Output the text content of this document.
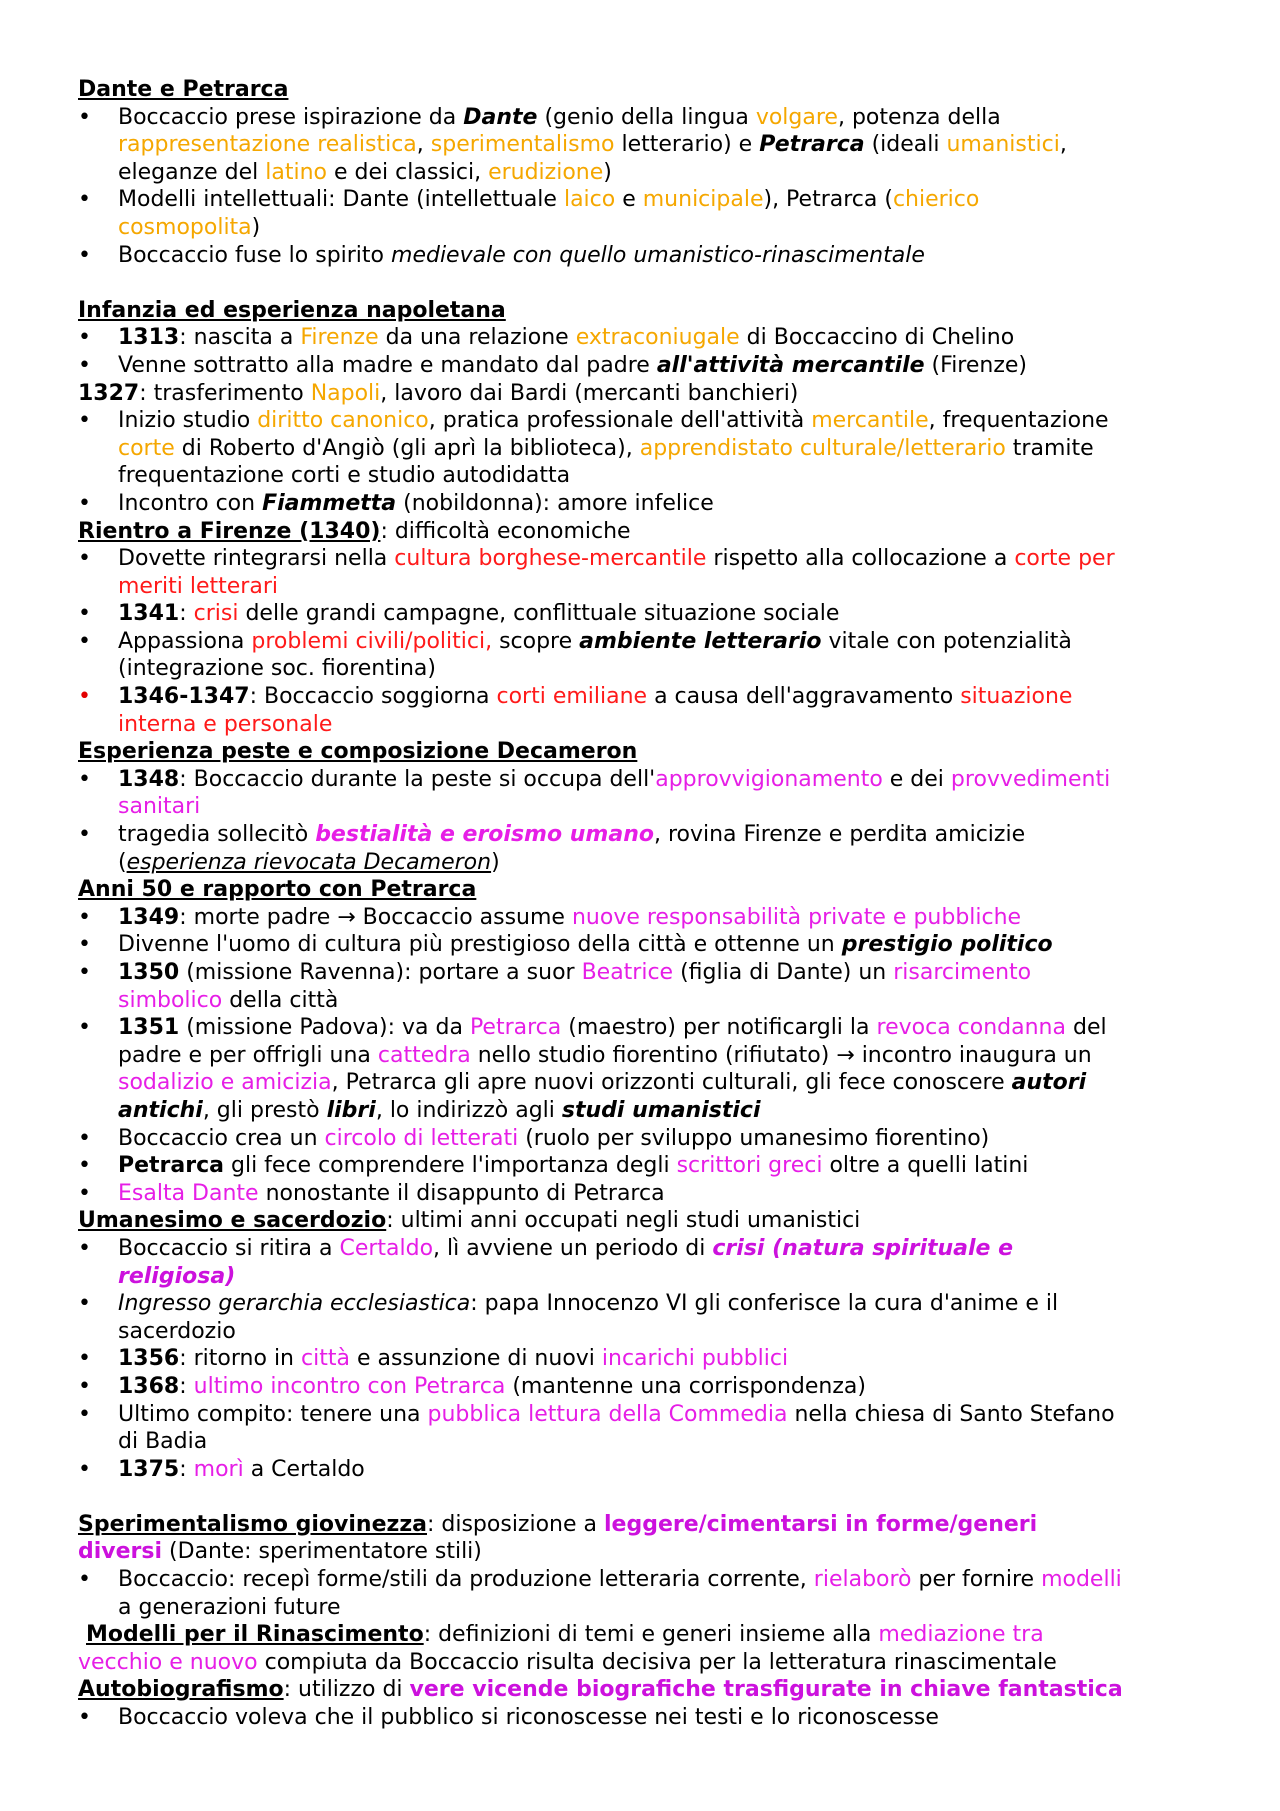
Dante e Petrarca
•	Boccaccio prese ispirazione da Dante (genio della lingua volgare, potenza della
rappresentazione realistica, sperimentalismo letterario) e Petrarca (ideali umanistici,
eleganze del latino e dei classici, erudizione)
•	Modelli intellettuali: Dante (intellettuale laico e municipale), Petrarca (chierico
cosmopolita)
•	Boccaccio fuse lo spirito medievale con quello umanistico-rinascimentale
Infanzia ed esperienza napoletana
•	1313: nascita a Firenze da una relazione extraconiugale di Boccaccino di Chelino
•	Venne sottratto alla madre e mandato dal padre all'attività mercantile (Firenze)
1327: trasferimento Napoli, lavoro dai Bardi (mercanti banchieri)
•	Inizio studio diritto canonico, pratica professionale dell'attività mercantile, frequentazione
corte di Roberto d'Angiò (gli aprì la biblioteca), apprendistato culturale/letterario tramite
frequentazione corti e studio autodidatta
•	Incontro con Fiammetta (nobildonna): amore infelice
Rientro a Firenze (1340): difficoltà economiche
•	Dovette rintegrarsi nella cultura borghese-mercantile rispetto alla collocazione a corte per
meriti letterari
•	1341: crisi delle grandi campagne, conflittuale situazione sociale
•	Appassiona problemi civili/politici, scopre ambiente letterario vitale con potenzialità
(integrazione soc. fiorentina)
•	1346-1347: Boccaccio soggiorna corti emiliane a causa dell'aggravamento situazione
interna e personale
Esperienza peste e composizione Decameron
•	1348: Boccaccio durante la peste si occupa dell'approvvigionamento e dei provvedimenti
sanitari
•	tragedia sollecitò bestialità e eroismo umano, rovina Firenze e perdita amicizie
(esperienza rievocata Decameron)
Anni 50 e rapporto con Petrarca
•	1349: morte padre → Boccaccio assume nuove responsabilità private e pubbliche
•	Divenne l'uomo di cultura più prestigioso della città e ottenne un prestigio politico
•	1350 (missione Ravenna): portare a suor Beatrice (figlia di Dante) un risarcimento
simbolico della città
•	1351 (missione Padova): va da Petrarca (maestro) per notificargli la revoca condanna del
padre e per offrigli una cattedra nello studio fiorentino (rifiutato) → incontro inaugura un
sodalizio e amicizia, Petrarca gli apre nuovi orizzonti culturali, gli fece conoscere autori
antichi, gli prestò libri, lo indirizzò agli studi umanistici
•	Boccaccio crea un circolo di letterati (ruolo per sviluppo umanesimo fiorentino)
•	Petrarca gli fece comprendere l'importanza degli scrittori greci oltre a quelli latini
•	Esalta Dante nonostante il disappunto di Petrarca
Umanesimo e sacerdozio: ultimi anni occupati negli studi umanistici
•	Boccaccio si ritira a Certaldo, lì avviene un periodo di crisi (natura spirituale e
religiosa)
•	Ingresso gerarchia ecclesiastica: papa Innocenzo VI gli conferisce la cura d'anime e il
sacerdozio
•	1356: ritorno in città e assunzione di nuovi incarichi pubblici
•	1368: ultimo incontro con Petrarca (mantenne una corrispondenza)
•	Ultimo compito: tenere una pubblica lettura della Commedia nella chiesa di Santo Stefano
di Badia
•	1375: morì a Certaldo
Sperimentalismo giovinezza: disposizione a leggere/cimentarsi in forme/generi
diversi (Dante: sperimentatore stili)
•	Boccaccio: recepì forme/stili da produzione letteraria corrente, rielaborò per fornire modelli
a generazioni future
Modelli per il Rinascimento: definizioni di temi e generi insieme alla mediazione tra
vecchio e nuovo compiuta da Boccaccio risulta decisiva per la letteratura rinascimentale
Autobiografismo: utilizzo di vere vicende biografiche trasfigurate in chiave fantastica
•	Boccaccio voleva che il pubblico si riconoscesse nei testi e lo riconoscesse
